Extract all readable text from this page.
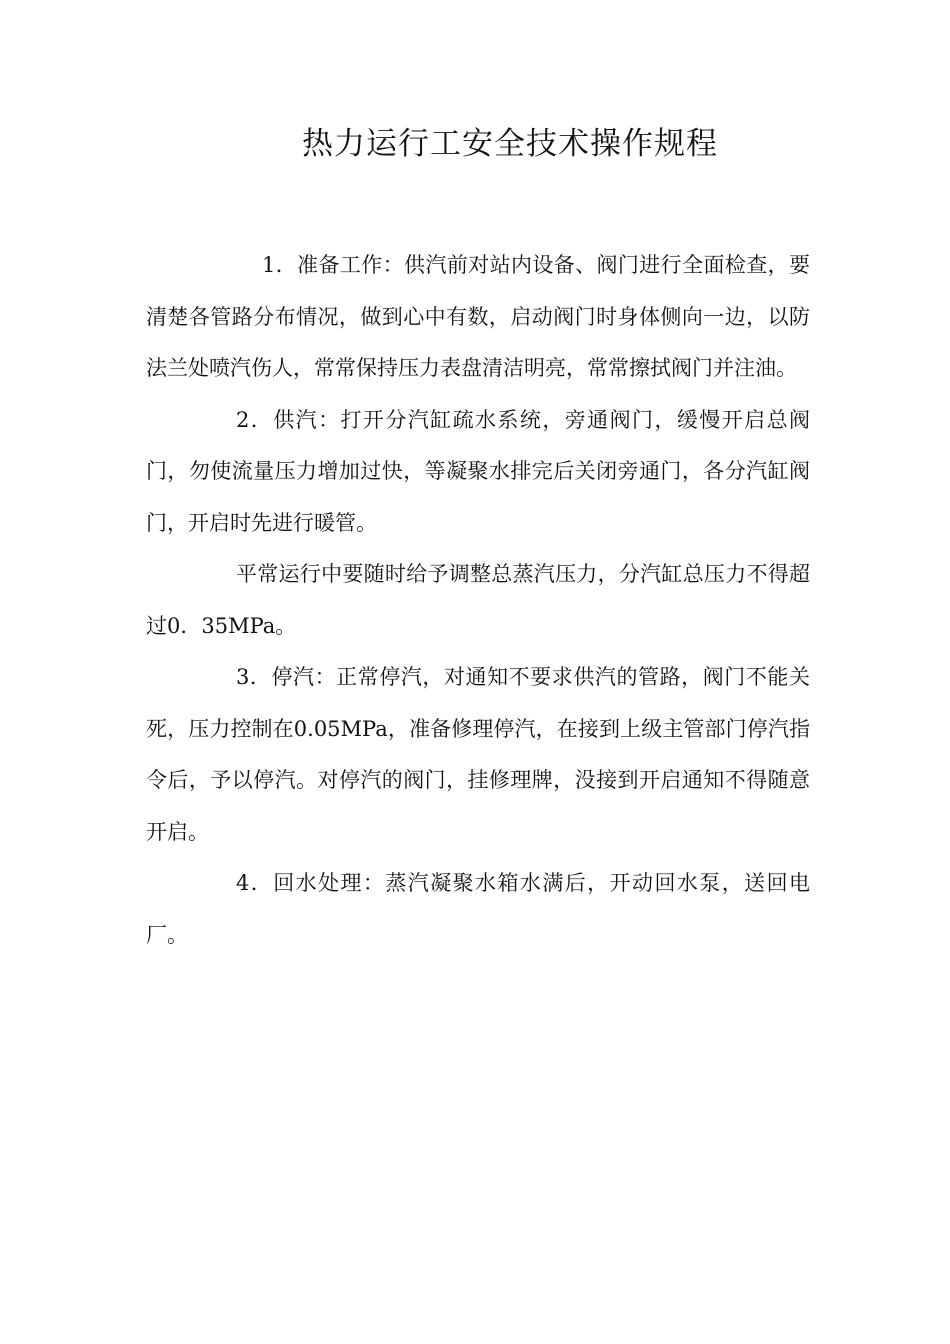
热力运行工安全技术操作规程

1．准备工作：供汽前对站内设备、阀门进行全面检查，要清楚各管路分布情况，做到心中有数，启动阀门时身体侧向一边，以防法兰处喷汽伤人，常常保持压力表盘清洁明亮，常常擦拭阀门并注油。

2．供汽：打开分汽缸疏水系统，旁通阀门，缓慢开启总阀门，勿使流量压力增加过快，等凝聚水排完后关闭旁通门，各分汽缸阀门，开启时先进行暖管。

平常运行中要随时给予调整总蒸汽压力，分汽缸总压力不得超过0．35MPa。

3．停汽：正常停汽，对通知不要求供汽的管路，阀门不能关死，压力控制在0.05MPa，准备修理停汽，在接到上级主管部门停汽指令后，予以停汽。对停汽的阀门，挂修理牌，没接到开启通知不得随意开启。

4．回水处理：蒸汽凝聚水箱水满后，开动回水泵，送回电厂。
